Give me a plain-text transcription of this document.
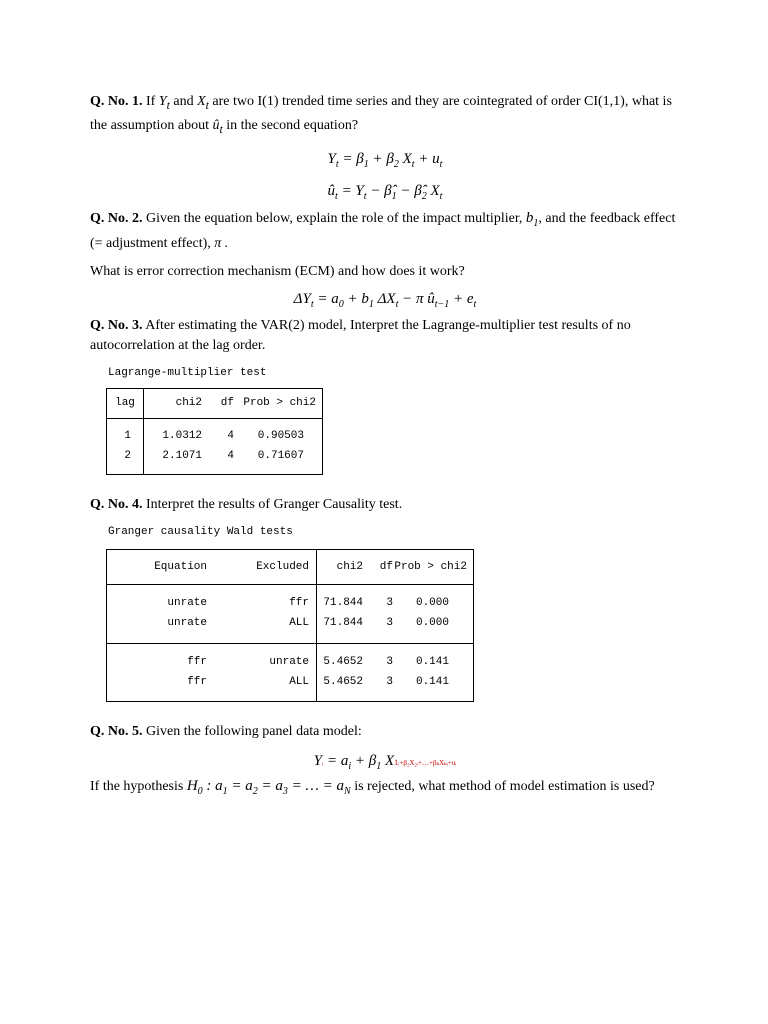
Q. No. 1. If $Y_t$ and $X_t$ are two I(1) trended time series and they are cointegrated of order CI(1,1), what is the assumption about $û_t$ in the second equation?

$Y_t = \beta_1 + \beta_2$ $X_t + u_t$
$û_t = Y_t$ − $\betâ_1$ − $\betâ_2$ $X_t$

Q. No. 2. Given the equation below, explain the role of the impact multiplier, $b_1$, and the feedback effect (= adjustment effect), π .

What is error correction mechanism (ECM) and how does it work?

$\Delta Y_t = a_0 + b_1$ $\Delta X_t - \pi$ $û_{t-1} + e_t$

Q. No. 3. After estimating the VAR(2) model, Interpret the Lagrange-multiplier test results of no autocorrelation at the lag order.

Lagrange-multiplier test
lag	chi2	df	Prob > chi2

1	1.0312	4	0.90503
2	2.1071	4	0.71607

Q. No. 4. Interpret the results of Granger Causality test.

Granger causality Wald tests
Equation	Excluded	chi2	df	Prob > chi2

unrate	ffr	71.844	3	0.000
unrate	ALL	71.844	3	0.000

ffr	unrate	5.4652	3	0.141
ffr	ALL	5.4652	3	0.141

Q. No. 5. Given the following panel data model:

Yᵢ = $a_i + \beta_1$ X1ᵢ+β₂X₂ᵢ+…+βₖXₖᵢ+uᵢ

If the hypothesis $H_0$ : $a_1 = a_2 = a_3$ = … = $a_N$ is rejected, what method of model estimation is used?
